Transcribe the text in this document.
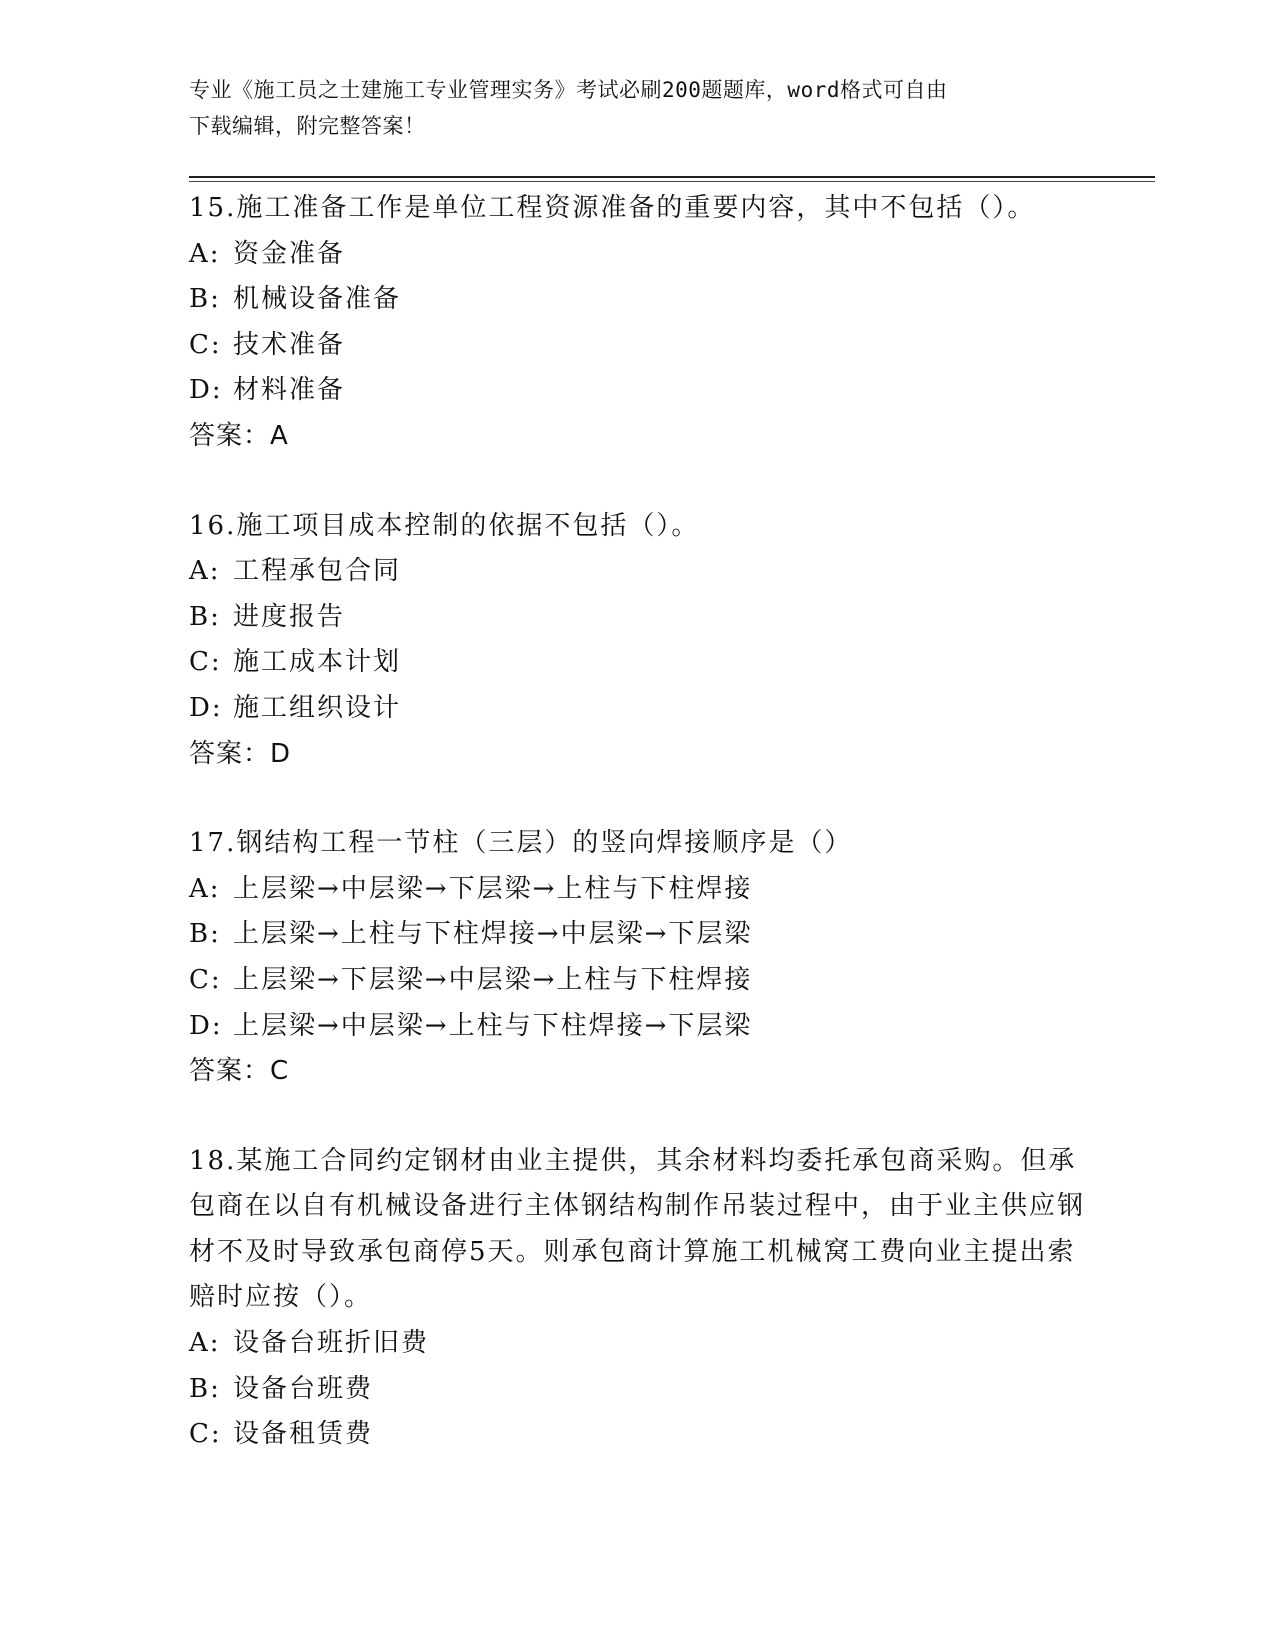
专业《施工员之土建施工专业管理实务》考试必刷200题题库，word格式可自由
下载编辑，附完整答案！

15.施工准备工作是单位工程资源准备的重要内容，其中不包括（）。

A: 资金准备

B: 机械设备准备

C: 技术准备

D: 材料准备

答案：A

16.施工项目成本控制的依据不包括（）。

A: 工程承包合同

B: 进度报告

C: 施工成本计划

D: 施工组织设计

答案：D

17.钢结构工程一节柱（三层）的竖向焊接顺序是（）

A: 上层梁→中层梁→下层梁→上柱与下柱焊接

B: 上层梁→上柱与下柱焊接→中层梁→下层梁

C: 上层梁→下层梁→中层梁→上柱与下柱焊接

D: 上层梁→中层梁→上柱与下柱焊接→下层梁

答案：C

18.某施工合同约定钢材由业主提供，其余材料均委托承包商采购。但承包商在以自有机械设备进行主体钢结构制作吊装过程中，由于业主供应钢材不及时导致承包商停5天。则承包商计算施工机械窝工费向业主提出索赔时应按（）。

A: 设备台班折旧费

B: 设备台班费

C: 设备租赁费
